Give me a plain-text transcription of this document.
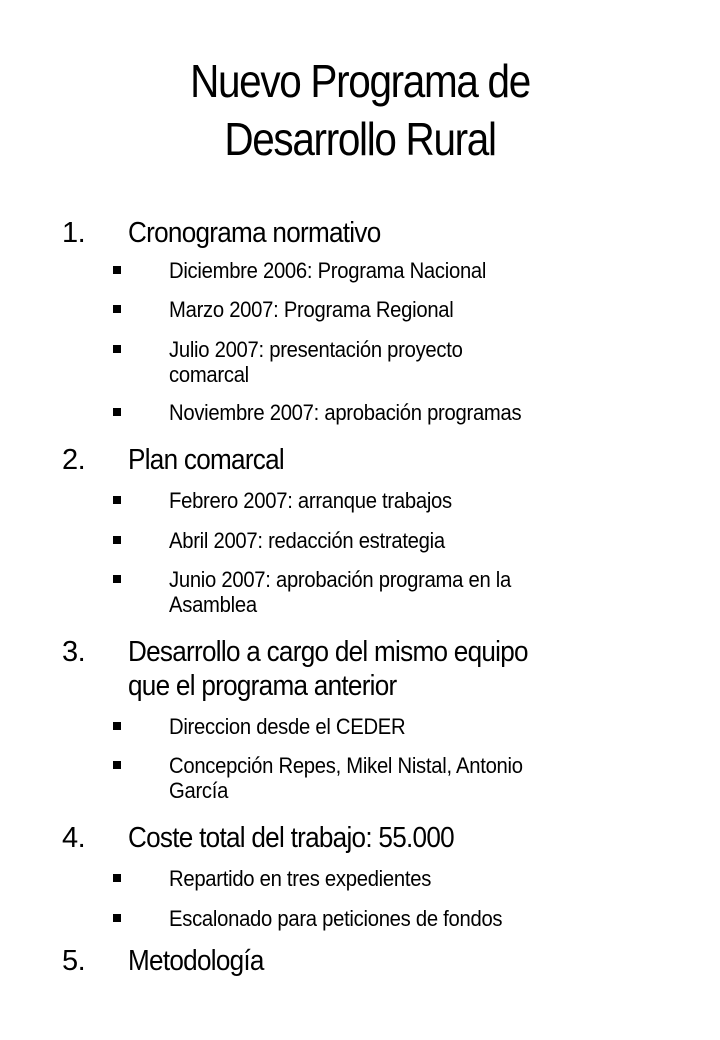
Nuevo Programa de
Desarrollo Rural
1. Cronograma normativo
Diciembre 2006: Programa Nacional
Marzo 2007: Programa Regional
Julio 2007: presentación proyecto
comarcal
Noviembre 2007: aprobación programas
2. Plan comarcal
Febrero 2007: arranque trabajos
Abril 2007: redacción estrategia
Junio 2007: aprobación programa en la
Asamblea
3. Desarrollo a cargo del mismo equipo
que el programa anterior
Direccion desde el CEDER
Concepción Repes, Mikel Nistal, Antonio
García
4. Coste total del trabajo: 55.000
Repartido en tres expedientes
Escalonado para peticiones de fondos
5. Metodología
